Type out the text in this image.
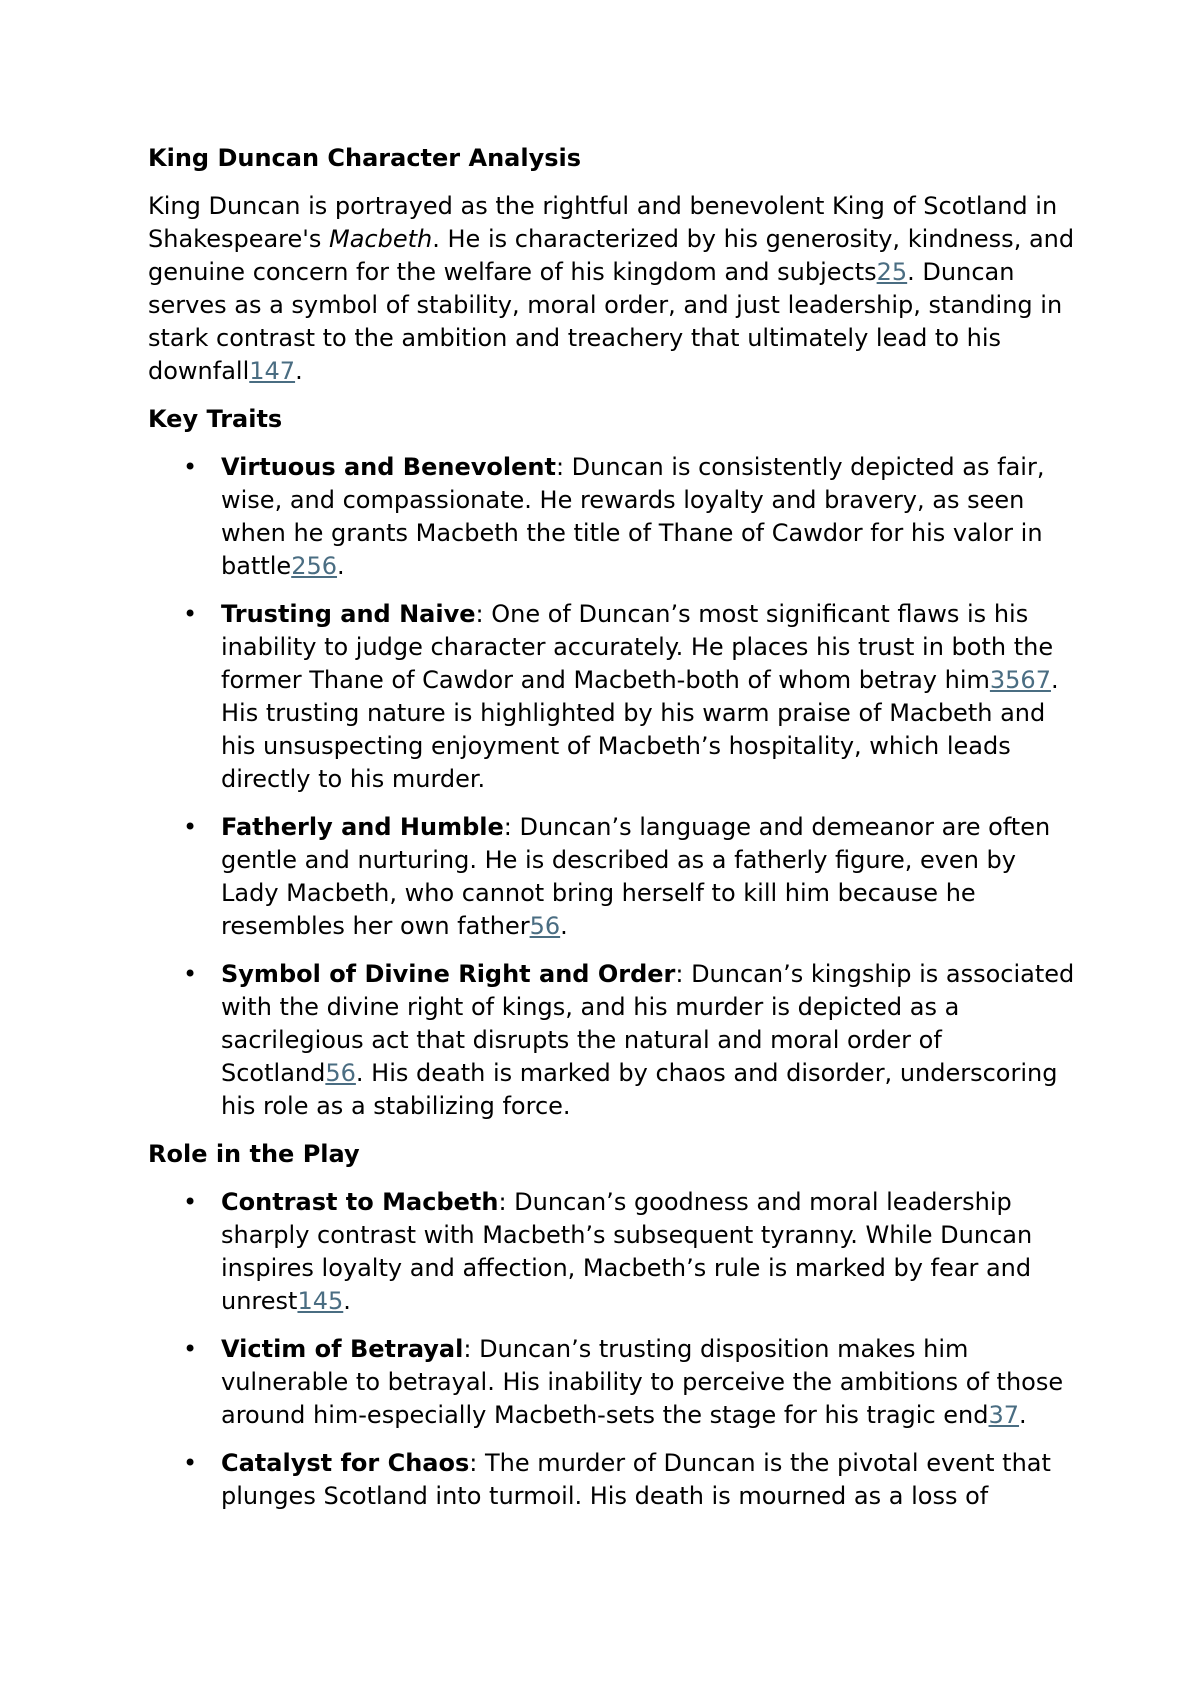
King Duncan Character Analysis

King Duncan is portrayed as the rightful and benevolent King of Scotland in Shakespeare's Macbeth. He is characterized by his generosity, kindness, and genuine concern for the welfare of his kingdom and subjects25. Duncan serves as a symbol of stability, moral order, and just leadership, standing in stark contrast to the ambition and treachery that ultimately lead to his downfall147.

Key Traits
• Virtuous and Benevolent: Duncan is consistently depicted as fair, wise, and compassionate. He rewards loyalty and bravery, as seen when he grants Macbeth the title of Thane of Cawdor for his valor in battle256.
• Trusting and Naive: One of Duncan’s most significant flaws is his inability to judge character accurately. He places his trust in both the former Thane of Cawdor and Macbeth-both of whom betray him3567. His trusting nature is highlighted by his warm praise of Macbeth and his unsuspecting enjoyment of Macbeth’s hospitality, which leads directly to his murder.
• Fatherly and Humble: Duncan’s language and demeanor are often gentle and nurturing. He is described as a fatherly figure, even by Lady Macbeth, who cannot bring herself to kill him because he resembles her own father56.
• Symbol of Divine Right and Order: Duncan’s kingship is associated with the divine right of kings, and his murder is depicted as a sacrilegious act that disrupts the natural and moral order of Scotland56. His death is marked by chaos and disorder, underscoring his role as a stabilizing force.
Role in the Play
• Contrast to Macbeth: Duncan’s goodness and moral leadership sharply contrast with Macbeth’s subsequent tyranny. While Duncan inspires loyalty and affection, Macbeth’s rule is marked by fear and unrest145.
• Victim of Betrayal: Duncan’s trusting disposition makes him vulnerable to betrayal. His inability to perceive the ambitions of those around him-especially Macbeth-sets the stage for his tragic end37.
• Catalyst for Chaos: The murder of Duncan is the pivotal event that plunges Scotland into turmoil. His death is mourned as a loss of
